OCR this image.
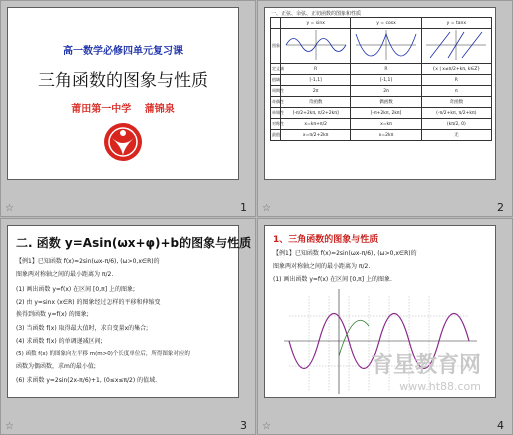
高一数学必修四单元复习课
三角函数的图象与性质
莆田第一中学 蒲锦泉
☆	1
一、正弦、余弦、正切函数的图象和性质
	y = sinx	y = cosx	y = tanx
图象			
定义域	R	R	{x | x≠π/2+kπ, k∈Z}
值域	[-1,1]	[-1,1]	R
周期性	2π	2π	π
奇偶性	奇函数	偶函数	奇函数
单调性	[-π/2+2kπ, π/2+2kπ]	[-π+2kπ, 2kπ]	(-π/2+kπ, π/2+kπ)
对称性	x=kπ+π/2	x=kπ	(kπ/2, 0)
最值	x=π/2+2kπ	x=2kπ	无
☆	2
二. 函数 y=Asin(ωx+φ)+b的图象与性质
【例1】已知函数 f(x)=2sin(ωx-π/6), (ω>0,x∈R)的
图象两对称轴之间的最小距离为 π/2.
(1) 画出函数 y=f(x) 在区间 [0,π] 上的图象;
(2) 由 y=sinx (x∈R) 的图象经过怎样的平移和伸缩变
换得到函数 y=f(x) 的图象;
(3) 当函数 f(x) 取得最大值时，求自变量x的集合;
(4) 求函数 f(x) 的单调递减区间;
(5) 函数 f(x) 的图象向左平移 m(m>0)个长度单位后，所得图象对应的
函数为偶函数，求m的最小值;
(6) 求函数 y=2sin(2x-π/6)+1, (0≤x≤π/2) 的值域.
☆	3
1、三角函数的图象与性质
【例1】已知函数 f(x)=2sin(ωx-π/6), (ω>0,x∈R)的
图象两对称轴之间的最小距离为 π/2.
(1) 画出函数 y=f(x) 在区间 [0,π] 上的图象.
育星教育网
www.ht88.com
☆	4
